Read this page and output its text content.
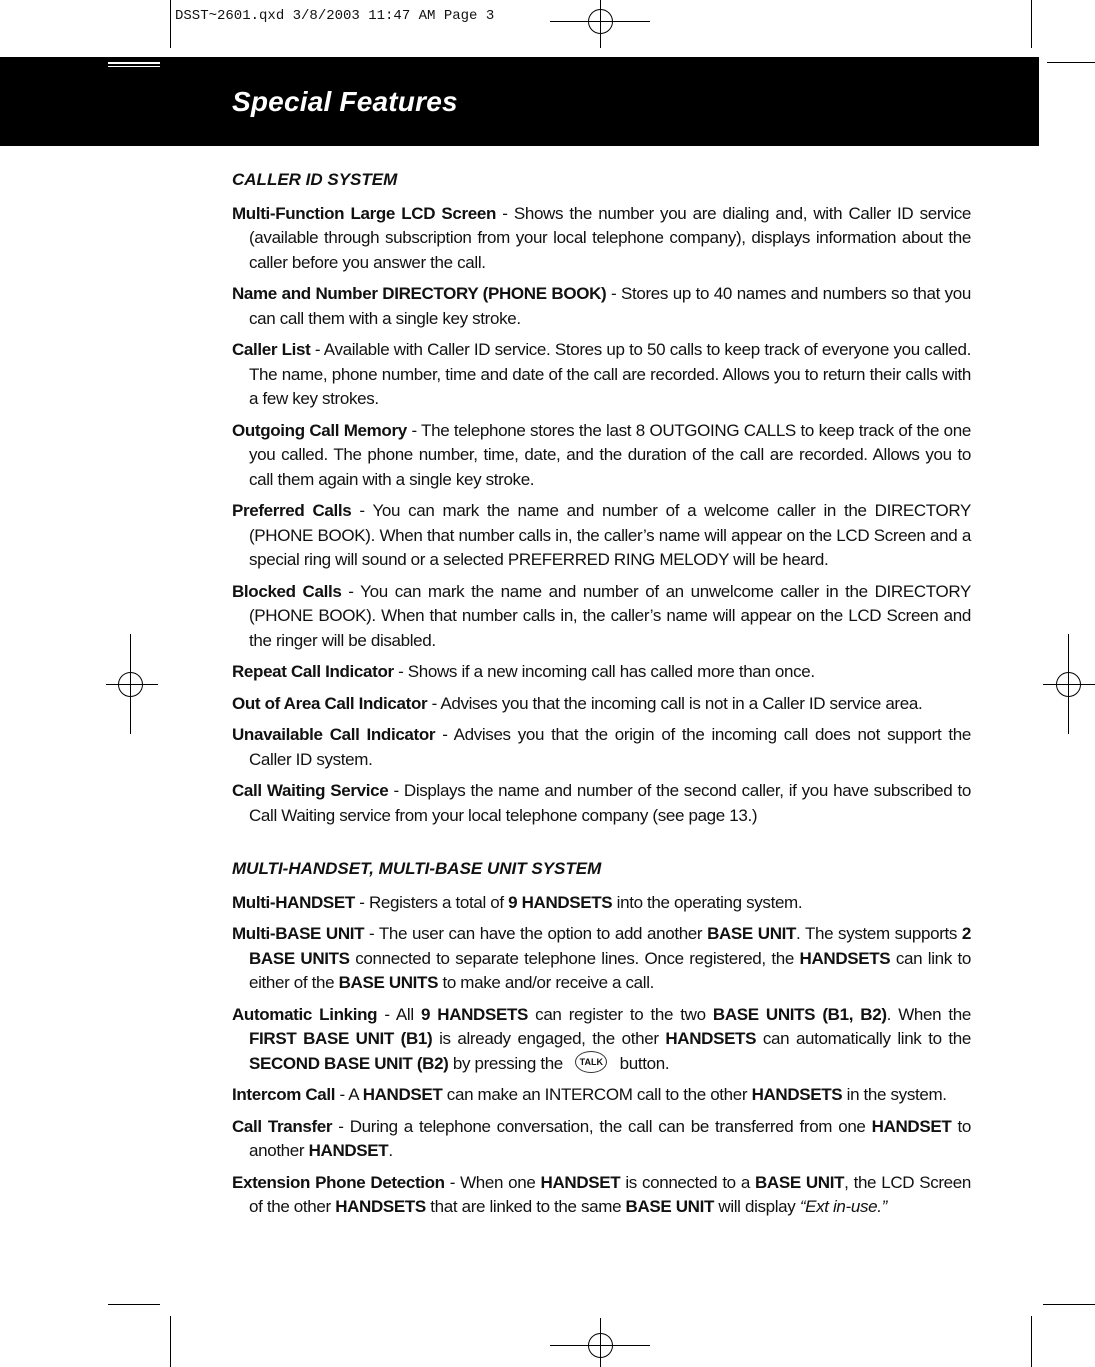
DSST~2601.qxd 3/8/2003 11:47 AM Page 3
Special Features
CALLER ID SYSTEM

Multi-Function Large LCD Screen - Shows the number you are dialing and, with Caller ID service (available through subscription from your local telephone company), displays information about the caller before you answer the call.

Name and Number DIRECTORY (PHONE BOOK) - Stores up to 40 names and numbers so that you can call them with a single key stroke.

Caller List - Available with Caller ID service. Stores up to 50 calls to keep track of everyone you called. The name, phone number, time and date of the call are recorded. Allows you to return their calls with a few key strokes.

Outgoing Call Memory - The telephone stores the last 8 OUTGOING CALLS to keep track of the one you called. The phone number, time, date, and the duration of the call are recorded. Allows you to call them again with a single key stroke.

Preferred Calls - You can mark the name and number of a welcome caller in the DIRECTORY (PHONE BOOK). When that number calls in, the caller’s name will appear on the LCD Screen and a special ring will sound or a selected PREFERRED RING MELODY will be heard.

Blocked Calls - You can mark the name and number of an unwelcome caller in the DIRECTORY (PHONE BOOK). When that number calls in, the caller’s name will appear on the LCD Screen and the ringer will be disabled.

Repeat Call Indicator - Shows if a new incoming call has called more than once.

Out of Area Call Indicator - Advises you that the incoming call is not in a Caller ID service area.

Unavailable Call Indicator - Advises you that the origin of the incoming call does not support the Caller ID system.

Call Waiting Service - Displays the name and number of the second caller, if you have subscribed to Call Waiting service from your local telephone company (see page 13.)

MULTI-HANDSET, MULTI-BASE UNIT SYSTEM

Multi-HANDSET - Registers a total of 9 HANDSETS into the operating system.

Multi-BASE UNIT - The user can have the option to add another BASE UNIT. The system supports 2 BASE UNITS connected to separate telephone lines. Once registered, the HANDSETS can link to either of the BASE UNITS to make and/or receive a call.

Automatic Linking - All 9 HANDSETS can register to the two BASE UNITS (B1, B2). When the FIRST BASE UNIT (B1) is already engaged, the other HANDSETS can automatically link to the SECOND BASE UNIT (B2) by pressing the TALK button.

Intercom Call - A HANDSET can make an INTERCOM call to the other HANDSETS in the system.

Call Transfer - During a telephone conversation, the call can be transferred from one HANDSET to another HANDSET.

Extension Phone Detection - When one HANDSET is connected to a BASE UNIT, the LCD Screen of the other HANDSETS that are linked to the same BASE UNIT will display “Ext in-use.”
